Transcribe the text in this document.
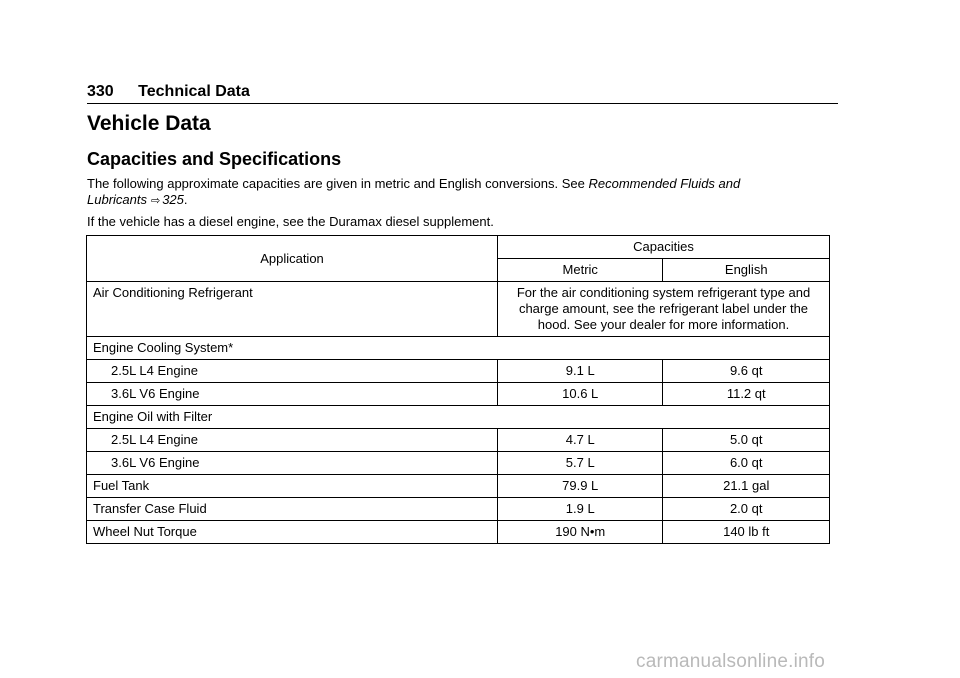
330 Technical Data
Vehicle Data
Capacities and Specifications

The following approximate capacities are given in metric and English conversions. See Recommended Fluids and Lubricants ⇨ 325.

If the vehicle has a diesel engine, see the Duramax diesel supplement.

Application	Capacities	
	Metric	English
Air Conditioning Refrigerant	For the air conditioning system refrigerant type and charge amount, see the refrigerant label under the hood. See your dealer for more information.	
Engine Cooling System*		
2.5L L4 Engine	9.1 L	9.6 qt
3.6L V6 Engine	10.6 L	11.2 qt
Engine Oil with Filter		
2.5L L4 Engine	4.7 L	5.0 qt
3.6L V6 Engine	5.7 L	6.0 qt
Fuel Tank	79.9 L	21.1 gal
Transfer Case Fluid	1.9 L	2.0 qt
Wheel Nut Torque	190 N•m	140 lb ft
carmanualsonline.info
